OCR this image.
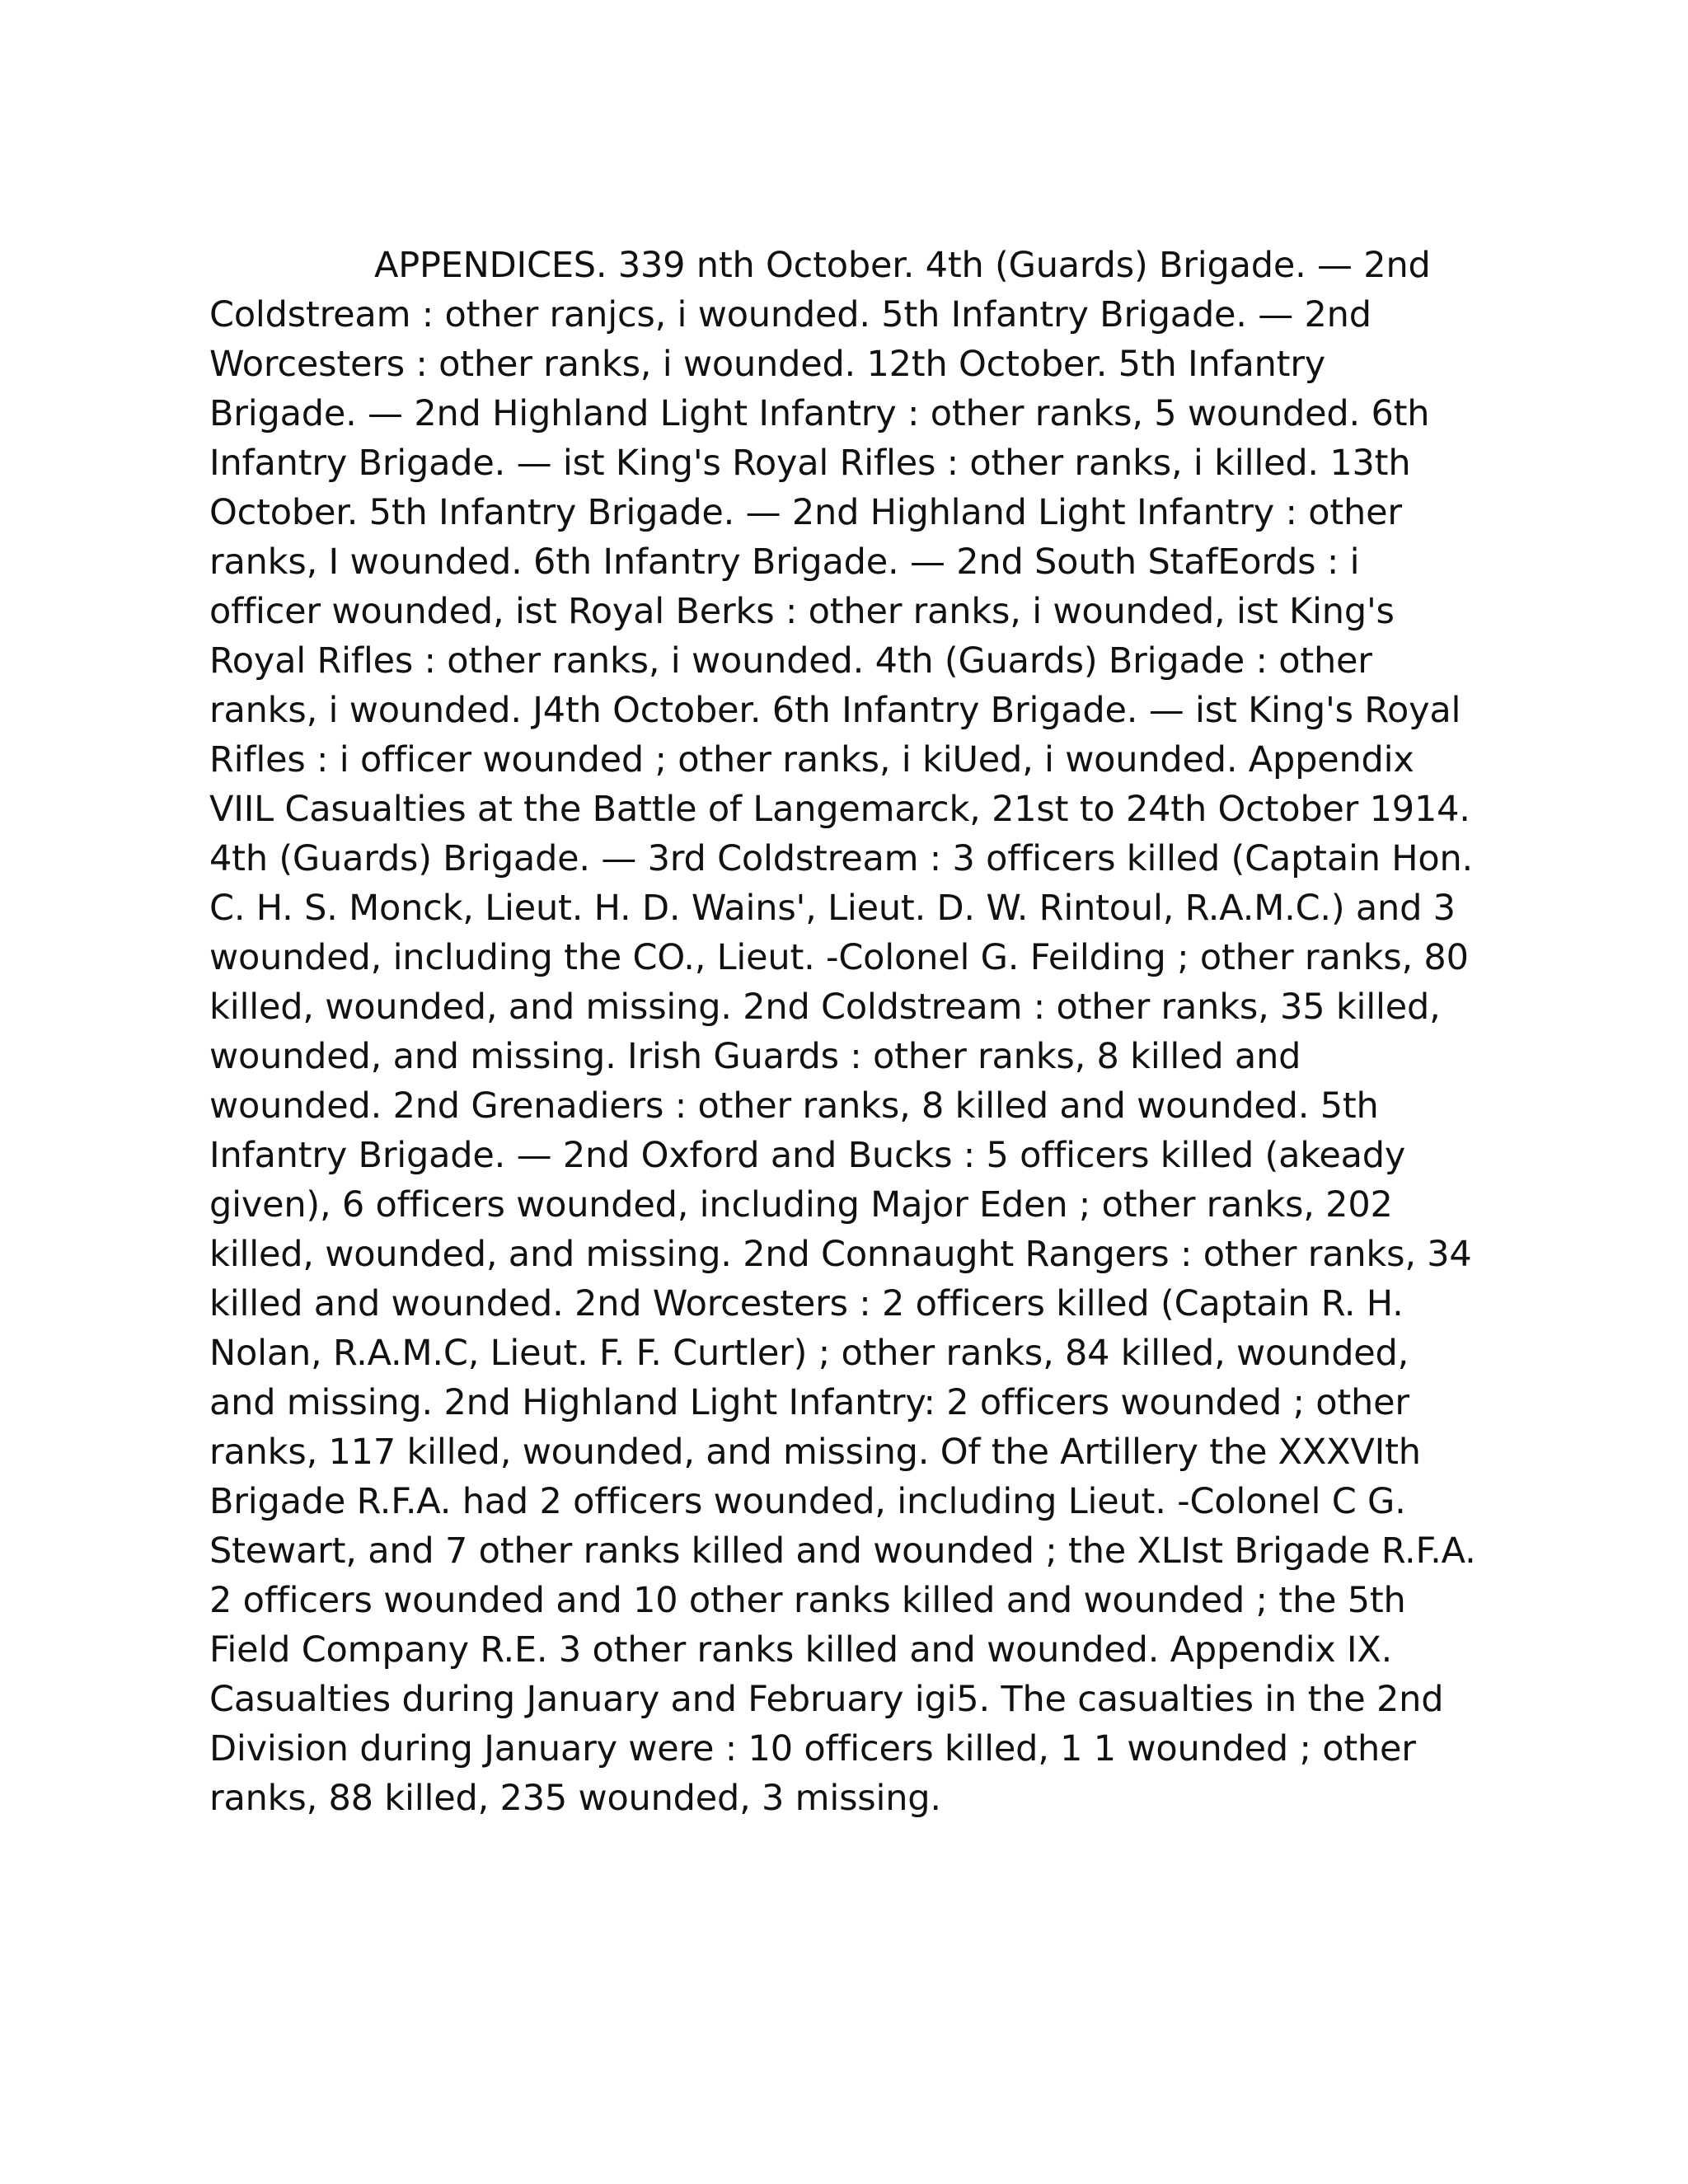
APPENDICES. 339 nth October. 4th (Guards) Brigade. — 2nd Coldstream : other ranjcs, i wounded. 5th Infantry Brigade. — 2nd Worcesters : other ranks, i wounded. 12th October. 5th Infantry Brigade. — 2nd Highland Light Infantry : other ranks, 5 wounded. 6th Infantry Brigade. — ist King's Royal Rifles : other ranks, i killed. 13th October. 5th Infantry Brigade. — 2nd Highland Light Infantry : other ranks, I wounded. 6th Infantry Brigade. — 2nd South StafEords : i officer wounded, ist Royal Berks : other ranks, i wounded, ist King's Royal Rifles : other ranks, i wounded. 4th (Guards) Brigade : other ranks, i wounded. J4th October. 6th Infantry Brigade. — ist King's Royal Rifles : i officer wounded ; other ranks, i kiUed, i wounded. Appendix VIIL Casualties at the Battle of Langemarck, 21st to 24th October 1914. 4th (Guards) Brigade. — 3rd Coldstream : 3 officers killed (Captain Hon. C. H. S. Monck, Lieut. H. D. Wains', Lieut. D. W. Rintoul, R.A.M.C.) and 3 wounded, including the CO., Lieut. -Colonel G. Feilding ; other ranks, 80 killed, wounded, and missing. 2nd Coldstream : other ranks, 35 killed, wounded, and missing. Irish Guards : other ranks, 8 killed and wounded. 2nd Grenadiers : other ranks, 8 killed and wounded. 5th Infantry Brigade. — 2nd Oxford and Bucks : 5 officers killed (akeady given), 6 officers wounded, including Major Eden ; other ranks, 202 killed, wounded, and missing. 2nd Connaught Rangers : other ranks, 34 killed and wounded. 2nd Worcesters : 2 officers killed (Captain R. H. Nolan, R.A.M.C, Lieut. F. F. Curtler) ; other ranks, 84 killed, wounded, and missing. 2nd Highland Light Infantry: 2 officers wounded ; other ranks, 117 killed, wounded, and missing. Of the Artillery the XXXVIth Brigade R.F.A. had 2 officers wounded, including Lieut. -Colonel C G. Stewart, and 7 other ranks killed and wounded ; the XLIst Brigade R.F.A. 2 officers wounded and 10 other ranks killed and wounded ; the 5th Field Company R.E. 3 other ranks killed and wounded. Appendix IX. Casualties during January and February igi5. The casualties in the 2nd Division during January were : 10 officers killed, 1 1 wounded ; other ranks, 88 killed, 235 wounded, 3 missing.
